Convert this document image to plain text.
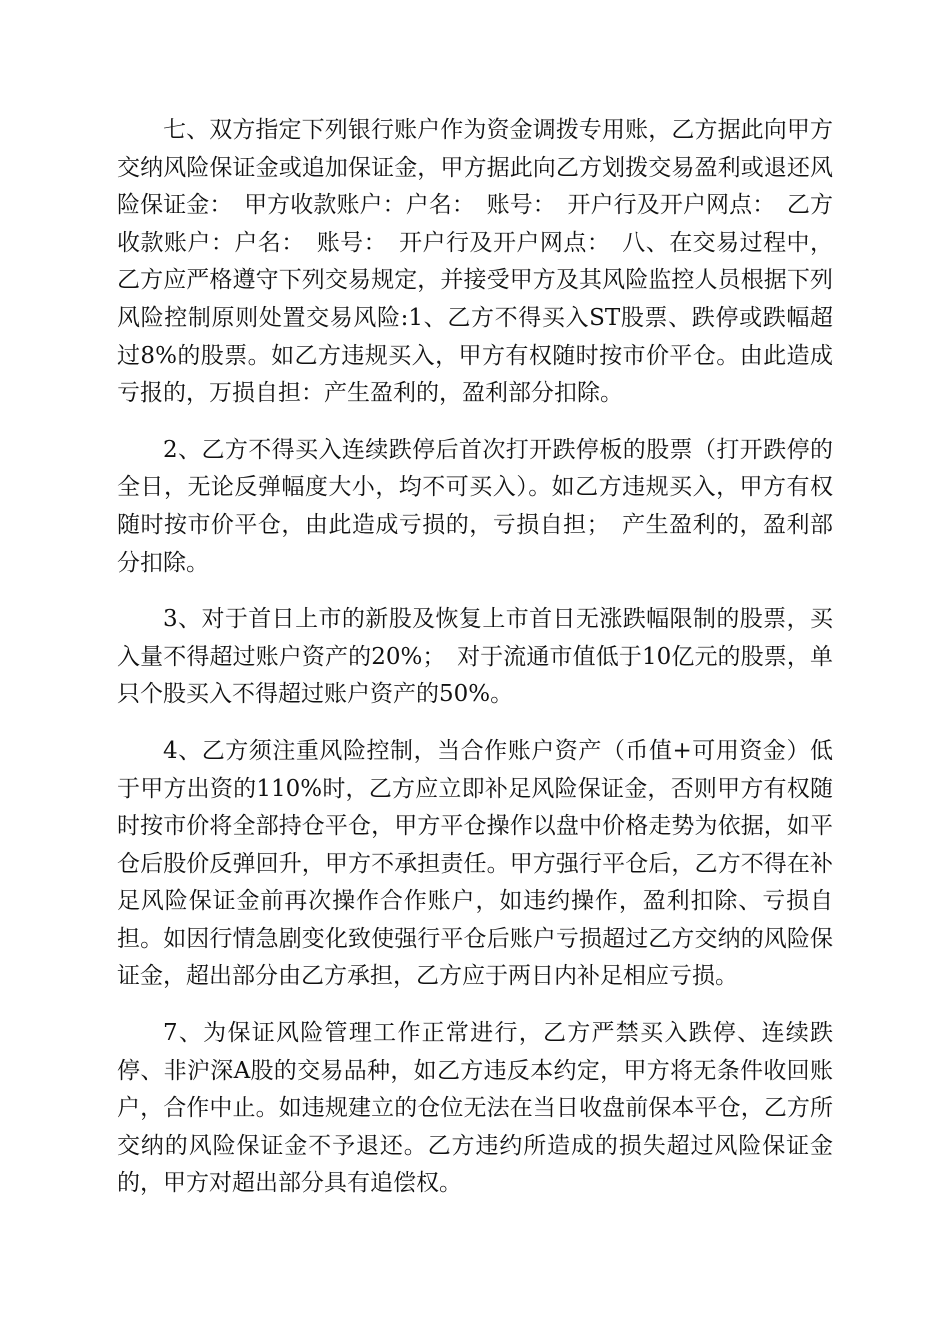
七、双方指定下列银行账户作为资金调拨专用账，乙方据此向甲方交纳风险保证金或追加保证金，甲方据此向乙方划拨交易盈利或退还风险保证金：　甲方收款账户：户名：　账号：　开户行及开户网点：　乙方收款账户：户名：　账号：　开户行及开户网点：　八、在交易过程中，乙方应严格遵守下列交易规定，并接受甲方及其风险监控人员根据下列风险控制原则处置交易风险:1、乙方不得买入ST股票、跌停或跌幅超过8%的股票。如乙方违规买入，甲方有权随时按市价平仓。由此造成亏报的，万损自担：产生盈利的，盈利部分扣除。

2、乙方不得买入连续跌停后首次打开跌停板的股票（打开跌停的全日，无论反弹幅度大小，均不可买入）。如乙方违规买入，甲方有权随时按市价平仓，由此造成亏损的，亏损自担；　产生盈利的，盈利部分扣除。

3、对于首日上市的新股及恢复上市首日无涨跌幅限制的股票，买入量不得超过账户资产的20%；　对于流通市值低于10亿元的股票，单只个股买入不得超过账户资产的50%。

4、乙方须注重风险控制，当合作账户资产（币值+可用资金）低于甲方出资的110%时，乙方应立即补足风险保证金，否则甲方有权随时按市价将全部持仓平仓，甲方平仓操作以盘中价格走势为依据，如平仓后股价反弹回升，甲方不承担责任。甲方强行平仓后，乙方不得在补足风险保证金前再次操作合作账户，如违约操作，盈利扣除、亏损自担。如因行情急剧变化致使强行平仓后账户亏损超过乙方交纳的风险保证金，超出部分由乙方承担，乙方应于两日内补足相应亏损。

7、为保证风险管理工作正常进行，乙方严禁买入跌停、连续跌停、非沪深A股的交易品种，如乙方违反本约定，甲方将无条件收回账户，合作中止。如违规建立的仓位无法在当日收盘前保本平仓，乙方所交纳的风险保证金不予退还。乙方违约所造成的损失超过风险保证金的，甲方对超出部分具有追偿权。
